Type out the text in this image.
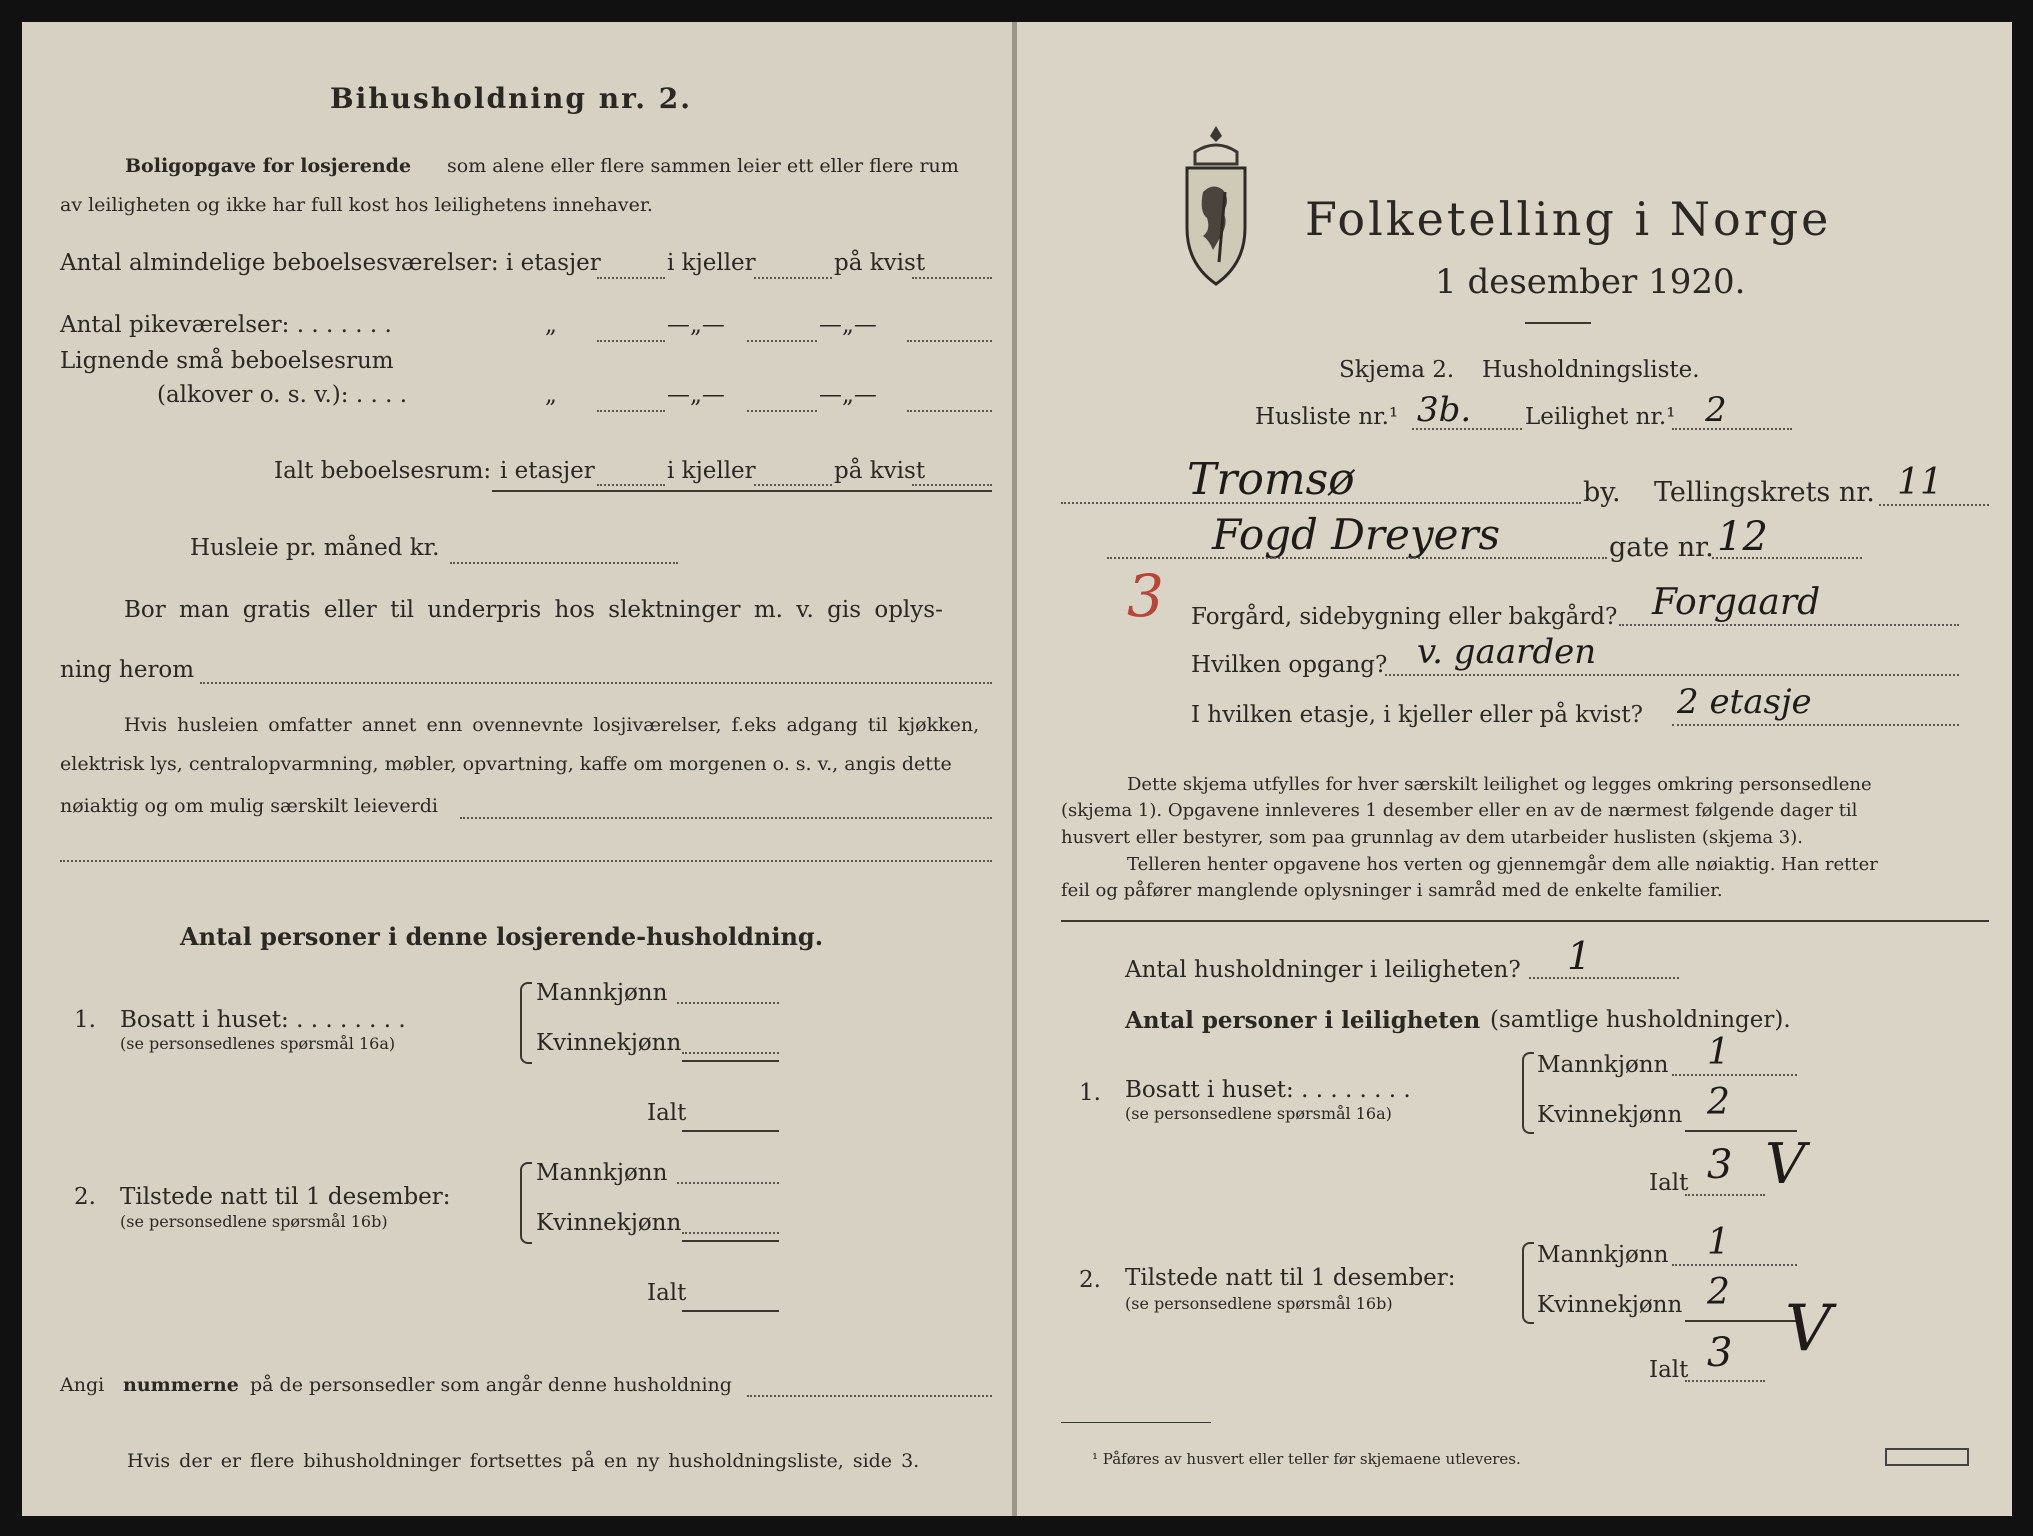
Bihusholdning nr. 2.
Boligopgave for losjerende som alene eller flere sammen leier ett eller flere rum
av leiligheten og ikke har full kost hos leilighetens innehaver.
Antal almindelige beboelsesværelser: i etasjer	i kjeller	på kvist
Antal pikeværelser: . . . . . . .	„	—„—	—„—
Lignende små beboelsesrum
(alkover o. s. v.): . . . .	„	—„—	—„—
Ialt beboelsesrum: i etasjer	i kjeller	på kvist
Husleie pr. måned kr.
Bor man gratis eller til underpris hos slektninger m. v. gis oplys-
ning herom
Hvis husleien omfatter annet enn ovennevnte losjiværelser, f.eks adgang til kjøkken,
elektrisk lys, centralopvarmning, møbler, opvartning, kaffe om morgenen o. s. v., angis dette
nøiaktig og om mulig særskilt leieverdi
Antal personer i denne losjerende-husholdning.
1. Bosatt i huset: . . . . . . . .
(se personsedlenes spørsmål 16a)
Mannkjønn
Kvinnekjønn
Ialt
2. Tilstede natt til 1 desember:
(se personsedlene spørsmål 16b)
Mannkjønn
Kvinnekjønn
Ialt
Angi nummerne på de personsedler som angår denne husholdning
Hvis der er flere bihusholdninger fortsettes på en ny husholdningsliste, side 3.
Folketelling i Norge
1 desember 1920.
Skjema 2. Husholdningsliste.
Husliste nr.¹ 3b. Leilighet nr.¹ 2
Tromsø	by. Tellingskrets nr. 11
Fogd Dreyers	gate nr. 12
3 Forgård, sidebygning eller bakgård? Forgaard
Hvilken opgang? v. gaarden
I hvilken etasje, i kjeller eller på kvist? 2 etasje
Dette skjema utfylles for hver særskilt leilighet og legges omkring personsedlene
(skjema 1). Opgavene innleveres 1 desember eller en av de nærmest følgende dager til
husvert eller bestyrer, som paa grunnlag av dem utarbeider huslisten (skjema 3).
Telleren henter opgavene hos verten og gjennemgår dem alle nøiaktig. Han retter
feil og påfører manglende oplysninger i samråd med de enkelte familier.
Antal husholdninger i leiligheten? 1
Antal personer i leiligheten (samtlige husholdninger).
1. Bosatt i huset: . . . . . . . .
(se personsedlene spørsmål 16a)
Mannkjønn 1
Kvinnekjønn 2
Ialt 3 V
2. Tilstede natt til 1 desember:
(se personsedlene spørsmål 16b)
Mannkjønn 1
Kvinnekjønn 2
Ialt 3 V
¹ Påføres av husvert eller teller før skjemaene utleveres.
